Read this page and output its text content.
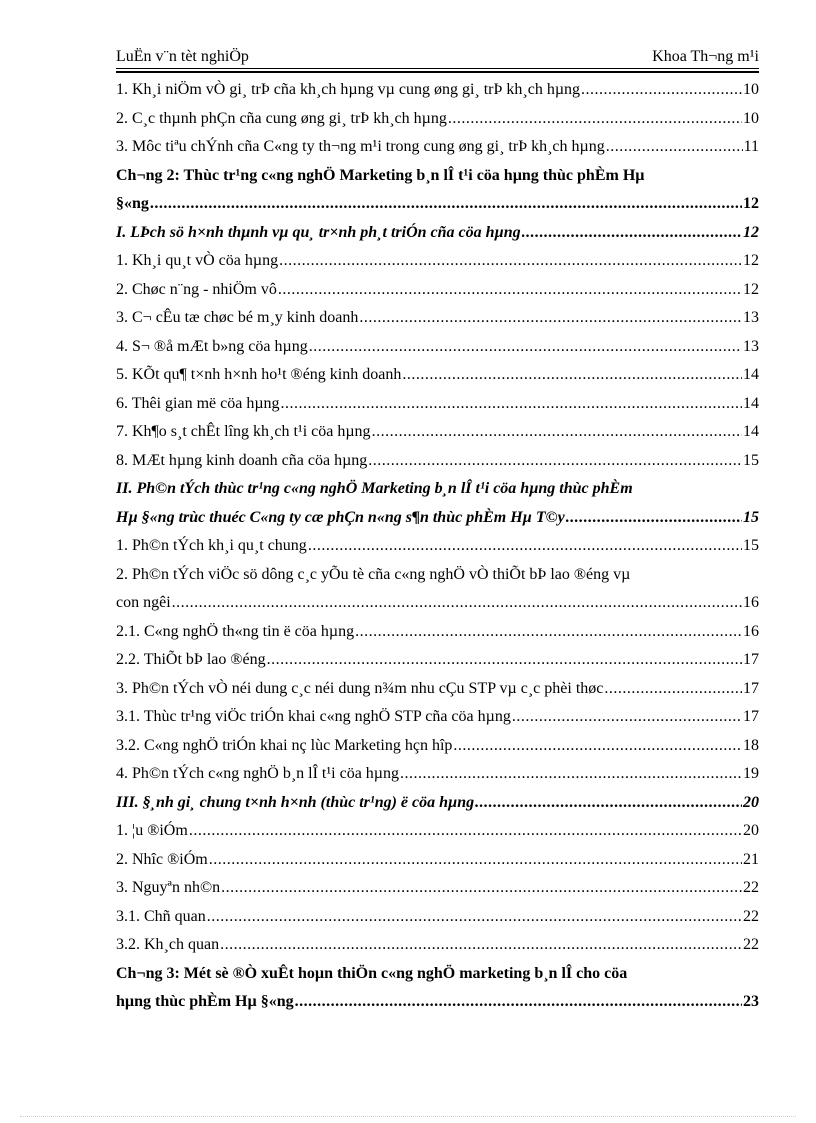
LuËn v¨n tèt nghiÖp	Khoa Th¬ng m¹i
1. Kh¸i niÖm vÒ gi¸ trÞ cña kh¸ch hµng vµ cung øng gi¸ trÞ kh¸ch hµng .....	10
2. C¸c thµnh phÇn cña cung øng gi¸ trÞ kh¸ch hµng .....	10
3. Môc tiªu chÝnh cña C«ng ty th¬ng m¹i trong cung øng gi¸ trÞ kh¸ch hµng .....	11
Ch¬ng 2: Thùc tr¹ng c«ng nghÖ Marketing b¸n lÎ t¹i cöa hµng thùc phÈm Hµ
§«ng .....	12
I. LÞch sö h×nh thµnh vµ qu¸ tr×nh ph¸t triÓn cña cöa hµng .....	12
1. Kh¸i qu¸t vÒ cöa hµng .....	12
2. Chøc n¨ng - nhiÖm vô .....	12
3. C¬ cÊu tæ chøc bé m¸y kinh doanh .....	13
4. S¬ ®å mÆt b»ng cöa hµng .....	13
5. KÕt qu¶ t×nh h×nh ho¹t ®éng kinh doanh .....	14
6. Thêi gian më cöa hµng .....	14
7. Kh¶o s¸t chÊt lîng kh¸ch t¹i cöa hµng .....	14
8. MÆt hµng kinh doanh cña cöa hµng .....	15
II. Ph©n tÝch thùc tr¹ng c«ng nghÖ Marketing b¸n lÎ t¹i cöa hµng thùc phÈm
Hµ §«ng trùc thuéc C«ng ty cæ phÇn n«ng s¶n thùc phÈm Hµ T©y .....	15
1. Ph©n tÝch kh¸i qu¸t chung .....	15
2. Ph©n tÝch viÖc sö dông c¸c yÕu tè cña c«ng nghÖ vÒ thiÕt bÞ lao ®éng vµ
con ngêi .....	16
2.1. C«ng nghÖ th«ng tin ë cöa hµng .....	16
2.2. ThiÕt bÞ lao ®éng .....	17
3. Ph©n tÝch vÒ néi dung c¸c néi dung n¾m nhu cÇu STP vµ c¸c phèi thøc .....	17
3.1. Thùc tr¹ng viÖc triÓn khai c«ng nghÖ STP cña cöa hµng .....	17
3.2. C«ng nghÖ triÓn khai nç lùc Marketing hçn hîp .....	18
4. Ph©n tÝch c«ng nghÖ b¸n lÎ t¹i cöa hµng .....	19
III. §¸nh gi¸ chung t×nh h×nh (thùc tr¹ng) ë cöa hµng .....	20
1. ¦u ®iÓm .....	20
2. Nhîc ®iÓm .....	21
3. Nguyªn nh©n .....	22
3.1. Chñ quan .....	22
3.2. Kh¸ch quan .....	22
Ch¬ng 3: Mét sè ®Ò xuÊt hoµn thiÖn c«ng nghÖ marketing b¸n lÎ cho cöa
hµng thùc phÈm Hµ §«ng .....	23
